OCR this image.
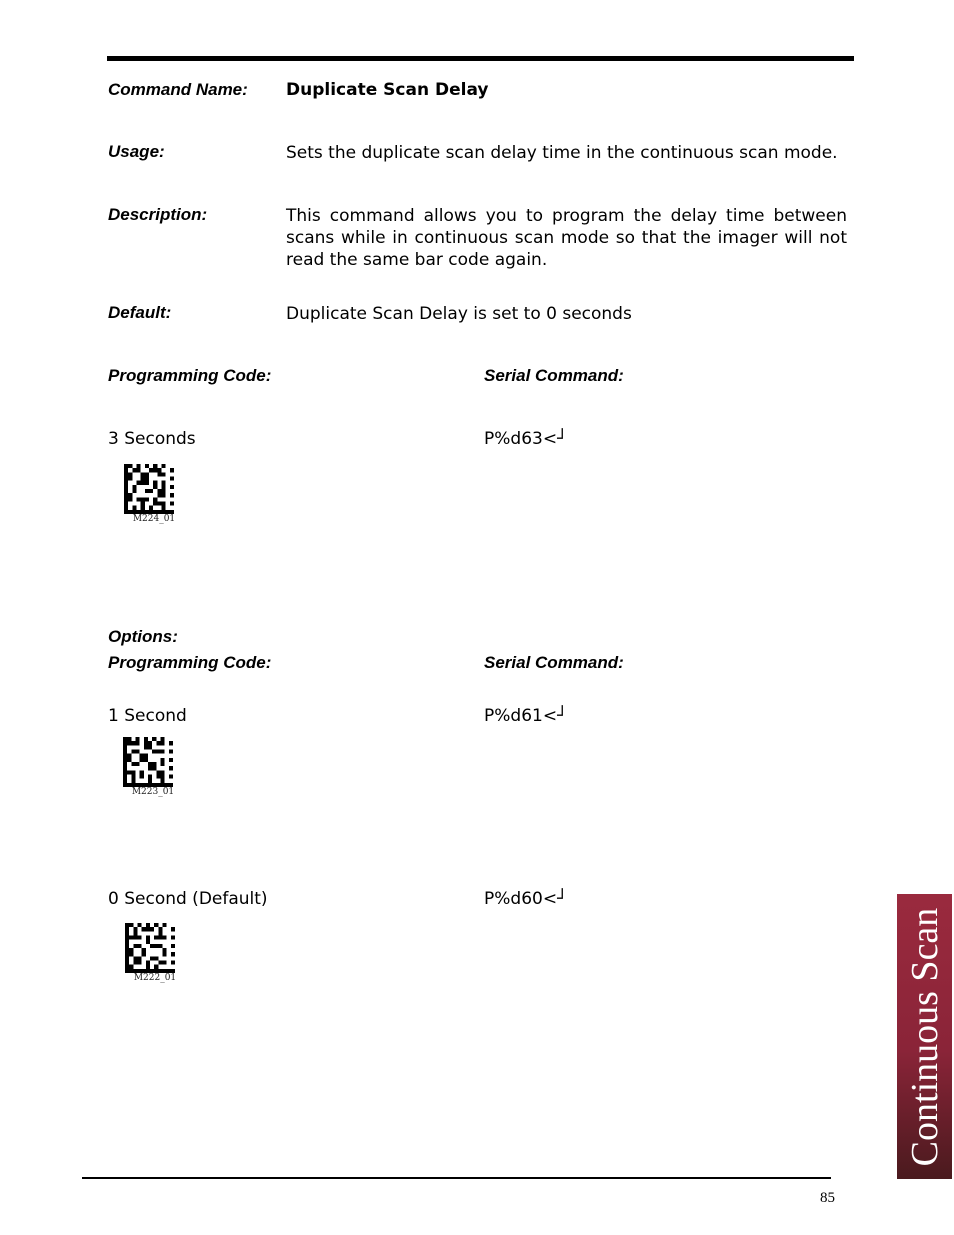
Command Name: Duplicate Scan Delay
Usage:	Sets the duplicate scan delay time in the continuous scan mode.
Description:	This command allows you to program the delay time between scans while in continuous scan mode so that the imager will not read the same bar code again.
Default:	Duplicate Scan Delay is set to 0 seconds
Programming Code:	Serial Command:
3 Seconds	P%d63<┘
M224_01
Options:
Programming Code:	Serial Command:
1 Second	P%d61<┘
M223_01
0 Second (Default)	P%d60<┘
M222_01	Continuous Scan
85
